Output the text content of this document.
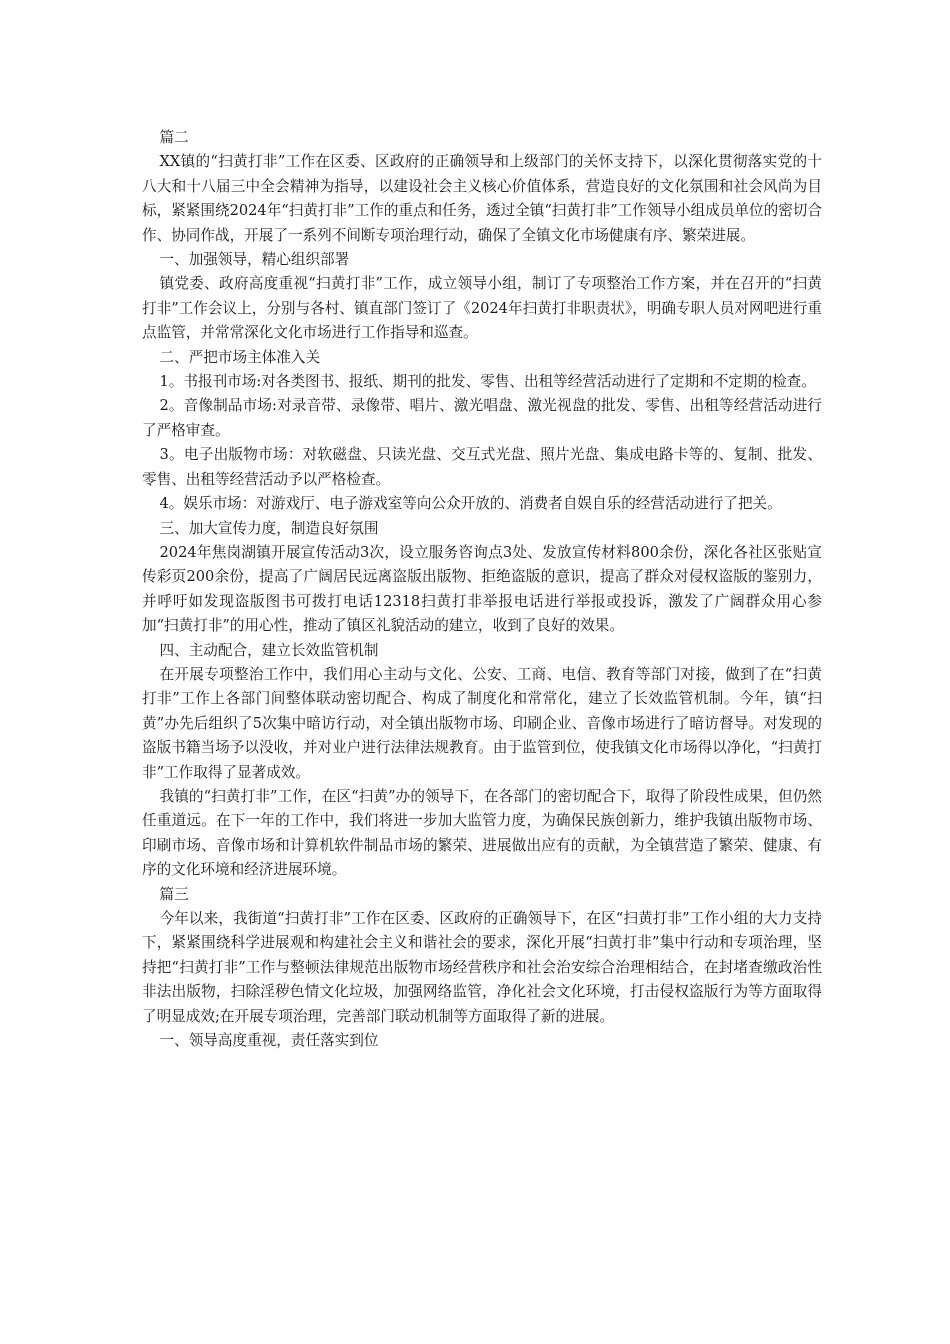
篇二

XX镇的“扫黄打非”工作在区委、区政府的正确领导和上级部门的关怀支持下，以深化贯彻落实党的十八大和十八届三中全会精神为指导，以建设社会主义核心价值体系，营造良好的文化氛围和社会风尚为目标，紧紧围绕2024年“扫黄打非”工作的重点和任务，透过全镇“扫黄打非”工作领导小组成员单位的密切合作、协同作战，开展了一系列不间断专项治理行动，确保了全镇文化市场健康有序、繁荣进展。

一、加强领导，精心组织部署

镇党委、政府高度重视“扫黄打非”工作，成立领导小组，制订了专项整治工作方案，并在召开的“扫黄打非”工作会议上，分别与各村、镇直部门签订了《2024年扫黄打非职责状》，明确专职人员对网吧进行重点监管，并常常深化文化市场进行工作指导和巡查。

二、严把市场主体准入关

1。书报刊市场:对各类图书、报纸、期刊的批发、零售、出租等经营活动进行了定期和不定期的检查。

2。音像制品市场:对录音带、录像带、唱片、激光唱盘、激光视盘的批发、零售、出租等经营活动进行了严格审查。

3。电子出版物市场：对软磁盘、只读光盘、交互式光盘、照片光盘、集成电路卡等的、复制、批发、零售、出租等经营活动予以严格检查。

4。娱乐市场：对游戏厅、电子游戏室等向公众开放的、消费者自娱自乐的经营活动进行了把关。

三、加大宣传力度，制造良好氛围

2024年焦岗湖镇开展宣传活动3次，设立服务咨询点3处、发放宣传材料800余份，深化各社区张贴宣传彩页200余份，提高了广阔居民远离盗版出版物、拒绝盗版的意识，提高了群众对侵权盗版的鉴别力，并呼吁如发现盗版图书可拨打电话12318扫黄打非举报电话进行举报或投诉，激发了广阔群众用心参加“扫黄打非”的用心性，推动了镇区礼貌活动的建立，收到了良好的效果。

四、主动配合，建立长效监管机制

在开展专项整治工作中，我们用心主动与文化、公安、工商、电信、教育等部门对接，做到了在“扫黄打非”工作上各部门间整体联动密切配合、构成了制度化和常常化，建立了长效监管机制。今年，镇“扫黄”办先后组织了5次集中暗访行动，对全镇出版物市场、印刷企业、音像市场进行了暗访督导。对发现的盗版书籍当场予以没收，并对业户进行法律法规教育。由于监管到位，使我镇文化市场得以净化，“扫黄打非”工作取得了显著成效。

我镇的“扫黄打非”工作，在区“扫黄”办的领导下，在各部门的密切配合下，取得了阶段性成果，但仍然任重道远。在下一年的工作中，我们将进一步加大监管力度，为确保民族创新力，维护我镇出版物市场、印刷市场、音像市场和计算机软件制品市场的繁荣、进展做出应有的贡献，为全镇营造了繁荣、健康、有序的文化环境和经济进展环境。

篇三

今年以来，我街道“扫黄打非”工作在区委、区政府的正确领导下，在区“扫黄打非”工作小组的大力支持下，紧紧围绕科学进展观和构建社会主义和谐社会的要求，深化开展“扫黄打非”集中行动和专项治理，坚持把“扫黄打非”工作与整顿法律规范出版物市场经营秩序和社会治安综合治理相结合，在封堵查缴政治性非法出版物，扫除淫秽色情文化垃圾，加强网络监管，净化社会文化环境，打击侵权盗版行为等方面取得了明显成效;在开展专项治理，完善部门联动机制等方面取得了新的进展。

一、领导高度重视，责任落实到位
